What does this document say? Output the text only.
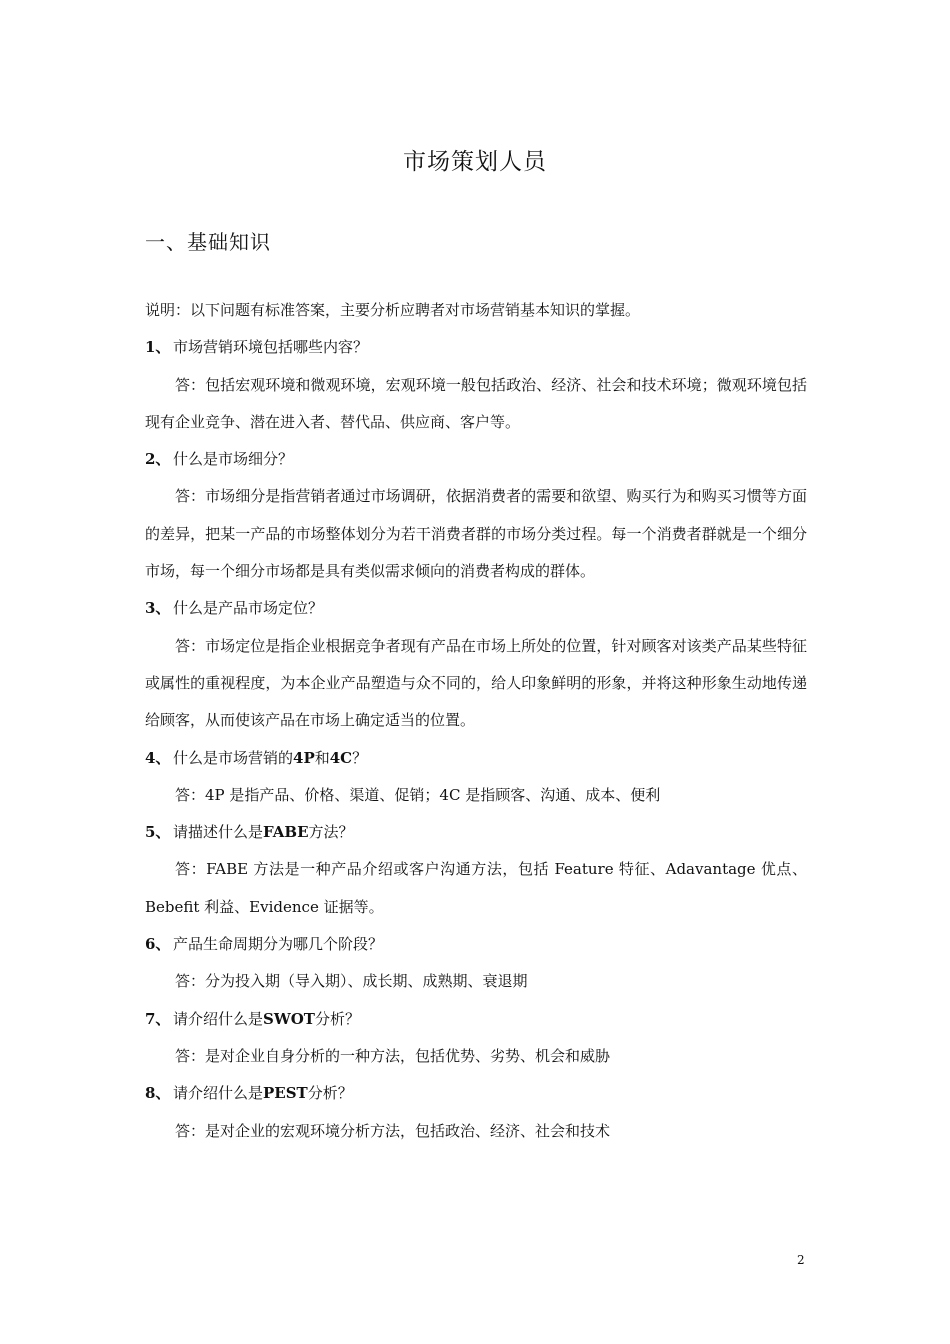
市场策划人员
一、基础知识

说明：以下问题有标准答案，主要分析应聘者对市场营销基本知识的掌握。

1、 市场营销环境包括哪些内容？

答：包括宏观环境和微观环境，宏观环境一般包括政治、经济、社会和技术环境；微观环境包括现有企业竞争、潜在进入者、替代品、供应商、客户等。

2、 什么是市场细分？

答：市场细分是指营销者通过市场调研，依据消费者的需要和欲望、购买行为和购买习惯等方面的差异，把某一产品的市场整体划分为若干消费者群的市场分类过程。每一个消费者群就是一个细分市场，每一个细分市场都是具有类似需求倾向的消费者构成的群体。

3、 什么是产品市场定位？

答：市场定位是指企业根据竞争者现有产品在市场上所处的位置，针对顾客对该类产品某些特征或属性的重视程度，为本企业产品塑造与众不同的，给人印象鲜明的形象，并将这种形象生动地传递给顾客，从而使该产品在市场上确定适当的位置。

4、 什么是市场营销的4P和4C？

答：4P 是指产品、价格、渠道、促销；4C 是指顾客、沟通、成本、便利

5、 请描述什么是FABE方法？

答：FABE 方法是一种产品介绍或客户沟通方法，包括 Feature 特征、Adavantage 优点、Bebefit 利益、Evidence 证据等。

6、 产品生命周期分为哪几个阶段？

答：分为投入期（导入期）、成长期、成熟期、衰退期

7、 请介绍什么是SWOT分析？

答：是对企业自身分析的一种方法，包括优势、劣势、机会和威胁

8、 请介绍什么是PEST分析？

答：是对企业的宏观环境分析方法，包括政治、经济、社会和技术

2
